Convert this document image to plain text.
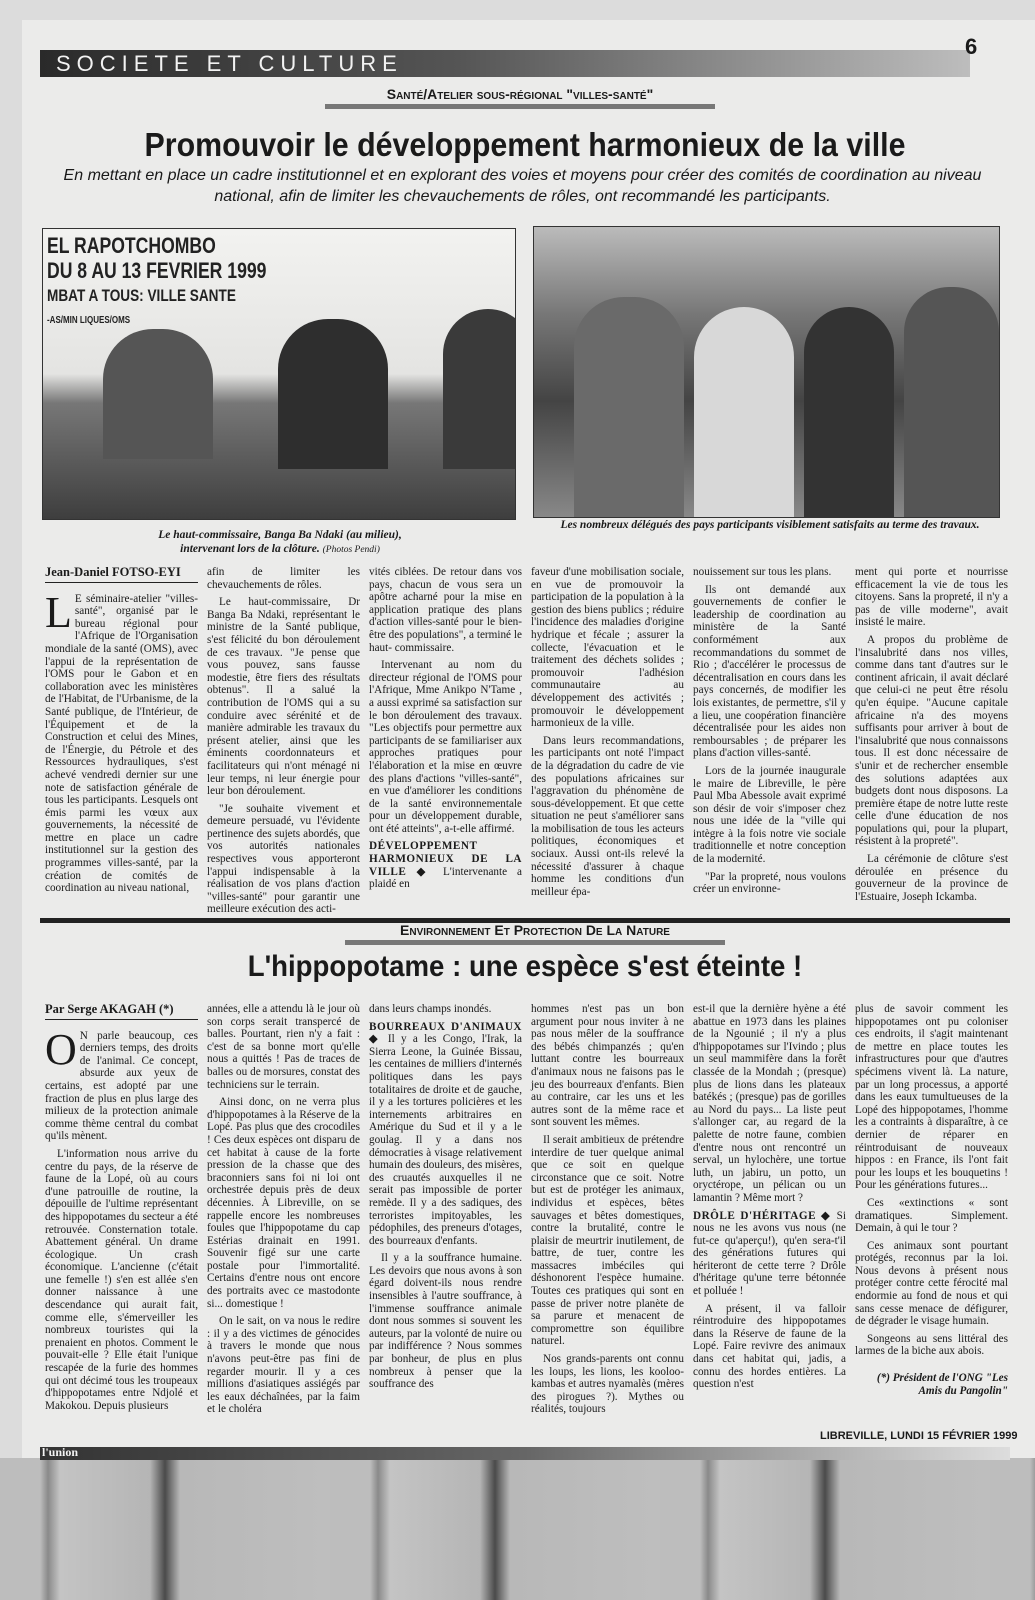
SOCIETE ET CULTURE
6
Santé/Atelier sous-régional "villes-santé"
Promouvoir le développement harmonieux de la ville
En mettant en place un cadre institutionnel et en explorant des voies et moyens pour créer des comités de coordination au niveau national, afin de limiter les chevauchements de rôles, ont recommandé les participants.
EL RAPOTCHOMBO
DU 8 AU 13 FEVRIER 1999
MBAT A TOUS: VILLE SANTE
-AS/MIN LIQUES/OMS
Le haut-commissaire, Banga Ba Ndaki (au milieu), intervenant lors de la clôture. (Photos Pendi)
Les nombreux délégués des pays participants visiblement satisfaits au terme des travaux.
Jean-Daniel FOTSO-EYI

L E séminaire-atelier "villes-santé", organisé par le bureau régional pour l'Afrique de l'Organisation mondiale de la santé (OMS), avec l'appui de la représentation de l'OMS pour le Gabon et en collaboration avec les ministères de l'Habitat, de l'Urbanisme, de la Santé publique, de l'Intérieur, de l'Équipement et de la Construction et celui des Mines, de l'Énergie, du Pétrole et des Ressources hydrauliques, s'est achevé vendredi dernier sur une note de satisfaction générale de tous les participants. Lesquels ont émis parmi les vœux aux gouvernements, la nécessité de mettre en place un cadre institutionnel sur la gestion des programmes villes-santé, par la création de comités de coordination au niveau national,

afin de limiter les chevauchements de rôles.

Le haut-commissaire, Dr Banga Ba Ndaki, représentant le ministre de la Santé publique, s'est félicité du bon déroulement de ces travaux. "Je pense que vous pouvez, sans fausse modestie, être fiers des résultats obtenus". Il a salué la contribution de l'OMS qui a su conduire avec sérénité et de manière admirable les travaux du présent atelier, ainsi que les éminents coordonnateurs et facilitateurs qui n'ont ménagé ni leur temps, ni leur énergie pour leur bon déroulement.

"Je souhaite vivement et demeure persuadé, vu l'évidente pertinence des sujets abordés, que vos autorités nationales respectives vous apporteront l'appui indispensable à la réalisation de vos plans d'action "villes-santé" pour garantir une meilleure exécution des acti-

vités ciblées. De retour dans vos pays, chacun de vous sera un apôtre acharné pour la mise en application pratique des plans d'action villes-santé pour le bien-être des populations", a terminé le haut- commissaire.

Intervenant au nom du directeur régional de l'OMS pour l'Afrique, Mme Anikpo N'Tame , a aussi exprimé sa satisfaction sur le bon déroulement des travaux. "Les objectifs pour permettre aux participants de se familiariser aux approches pratiques pour l'élaboration et la mise en œuvre des plans d'actions "villes-santé", en vue d'améliorer les conditions de la santé environnementale pour un développement durable, ont été atteints", a-t-elle affirmé.

DÉVELOPPEMENT HARMONIEUX DE LA VILLE ◆ L'intervenante a plaidé en

faveur d'une mobilisation sociale, en vue de promouvoir la participation de la population à la gestion des biens publics ; réduire l'incidence des maladies d'origine hydrique et fécale ; assurer la collecte, l'évacuation et le traitement des déchets solides ; promouvoir l'adhésion communautaire au développement des activités ; promouvoir le développement harmonieux de la ville.

Dans leurs recommandations, les participants ont noté l'impact de la dégradation du cadre de vie des populations africaines sur l'aggravation du phénomène de sous-développement. Et que cette situation ne peut s'améliorer sans la mobilisation de tous les acteurs politiques, économiques et sociaux. Aussi ont-ils relevé la nécessité d'assurer à chaque homme les conditions d'un meilleur épa-

nouissement sur tous les plans.

Ils ont demandé aux gouvernements de confier le leadership de coordination au ministère de la Santé conformément aux recommandations du sommet de Rio ; d'accélérer le processus de décentralisation en cours dans les pays concernés, de modifier les lois existantes, de permettre, s'il y a lieu, une coopération financière décentralisée pour les aides non remboursables ; de préparer les plans d'action villes-santé.

Lors de la journée inaugurale le maire de Libreville, le père Paul Mba Abessole avait exprimé son désir de voir s'imposer chez nous une idée de la "ville qui intègre à la fois notre vie sociale traditionnelle et notre conception de la modernité.

"Par la propreté, nous voulons créer un environne-

ment qui porte et nourrisse efficacement la vie de tous les citoyens. Sans la propreté, il n'y a pas de ville moderne", avait insisté le maire.

A propos du problème de l'insalubrité dans nos villes, comme dans tant d'autres sur le continent africain, il avait déclaré que celui-ci ne peut être résolu qu'en équipe. "Aucune capitale africaine n'a des moyens suffisants pour arriver à bout de l'insalubrité que nous connaissons tous. Il est donc nécessaire de s'unir et de rechercher ensemble des solutions adaptées aux budgets dont nous disposons. La première étape de notre lutte reste celle d'une éducation de nos populations qui, pour la plupart, résistent à la propreté".

La cérémonie de clôture s'est déroulée en présence du gouverneur de la province de l'Estuaire, Joseph Ickamba.

Environnement Et Protection De La Nature
L'hippopotame : une espèce s'est éteinte !
Par Serge AKAGAH (*)

O N parle beaucoup, ces derniers temps, des droits de l'animal. Ce concept, absurde aux yeux de certains, est adopté par une fraction de plus en plus large des milieux de la protection animale comme thème central du combat qu'ils mènent.

L'information nous arrive du centre du pays, de la réserve de faune de la Lopé, où au cours d'une patrouille de routine, la dépouille de l'ultime représentant des hippopotames du secteur a été retrouvée. Consternation totale. Abattement général. Un drame écologique. Un crash économique. L'ancienne (c'était une femelle !) s'en est allée s'en donner naissance à une descendance qui aurait fait, comme elle, s'émerveiller les nombreux touristes qui la prenaient en photos. Comment le pouvait-elle ? Elle était l'unique rescapée de la furie des hommes qui ont décimé tous les troupeaux d'hippopotames entre Ndjolé et Makokou. Depuis plusieurs

années, elle a attendu là le jour où son corps serait transpercé de balles. Pourtant, rien n'y a fait : c'est de sa bonne mort qu'elle nous a quittés ! Pas de traces de balles ou de morsures, constat des techniciens sur le terrain.

Ainsi donc, on ne verra plus d'hippopotames à la Réserve de la Lopé. Pas plus que des crocodiles ! Ces deux espèces ont disparu de cet habitat à cause de la forte pression de la chasse que des braconniers sans foi ni loi ont orchestrée depuis près de deux décennies. À Libreville, on se rappelle encore les nombreuses foules que l'hippopotame du cap Estérias drainait en 1991. Souvenir figé sur une carte postale pour l'immortalité. Certains d'entre nous ont encore des portraits avec ce mastodonte si... domestique !

On le sait, on va nous le redire : il y a des victimes de génocides à travers le monde que nous n'avons peut-être pas fini de regarder mourir. Il y a ces millions d'asiatiques assiégés par les eaux déchaînées, par la faim et le choléra

dans leurs champs inondés.

BOURREAUX D'ANIMAUX ◆ Il y a les Congo, l'Irak, la Sierra Leone, la Guinée Bissau, les centaines de milliers d'internés politiques dans les pays totalitaires de droite et de gauche, il y a les tortures policières et les internements arbitraires en Amérique du Sud et il y a le goulag. Il y a dans nos démocraties à visage relativement humain des douleurs, des misères, des cruautés auxquelles il ne serait pas impossible de porter remède. Il y a des sadiques, des terroristes impitoyables, les pédophiles, des preneurs d'otages, des bourreaux d'enfants.

Il y a la souffrance humaine. Les devoirs que nous avons à son égard doivent-ils nous rendre insensibles à l'autre souffrance, à l'immense souffrance animale dont nous sommes si souvent les auteurs, par la volonté de nuire ou par indifférence ? Nous sommes par bonheur, de plus en plus nombreux à penser que la souffrance des

hommes n'est pas un bon argument pour nous inviter à ne pas nous mêler de la souffrance des bébés chimpanzés ; qu'en luttant contre les bourreaux d'animaux nous ne faisons pas le jeu des bourreaux d'enfants. Bien au contraire, car les uns et les autres sont de la même race et sont souvent les mêmes.

Il serait ambitieux de prétendre interdire de tuer quelque animal que ce soit en quelque circonstance que ce soit. Notre but est de protéger les animaux, individus et espèces, bêtes sauvages et bêtes domestiques, contre la brutalité, contre le plaisir de meurtrir inutilement, de battre, de tuer, contre les massacres imbéciles qui déshonorent l'espèce humaine. Toutes ces pratiques qui sont en passe de priver notre planète de sa parure et menacent de compromettre son équilibre naturel.

Nos grands-parents ont connu les loups, les lions, les kooloo-kambas et autres nyamalès (mères des pirogues ?). Mythes ou réalités, toujours

est-il que la dernière hyène a été abattue en 1973 dans les plaines de la Ngounié ; il n'y a plus d'hippopotames sur l'Ivindo ; plus un seul mammifère dans la forêt classée de la Mondah ; (presque) plus de lions dans les plateaux batékés ; (presque) pas de gorilles au Nord du pays... La liste peut s'allonger car, au regard de la palette de notre faune, combien d'entre nous ont rencontré un serval, un hylochère, une tortue luth, un jabiru, un potto, un oryctérope, un pélican ou un lamantin ? Même mort ?

DRÔLE D'HÉRITAGE ◆ Si nous ne les avons vus nous (ne fut-ce qu'aperçu!), qu'en sera-t'il des générations futures qui hériteront de cette terre ? Drôle d'héritage qu'une terre bétonnée et polluée !

A présent, il va falloir réintroduire des hippopotames dans la Réserve de faune de la Lopé. Faire revivre des animaux dans cet habitat qui, jadis, a connu des hordes entières. La question n'est

plus de savoir comment les hippopotames ont pu coloniser ces endroits, il s'agit maintenant de mettre en place toutes les infrastructures pour que d'autres spécimens vivent là. La nature, par un long processus, a apporté dans les eaux tumultueuses de la Lopé des hippopotames, l'homme les a contraints à disparaître, à ce dernier de réparer en réintroduisant de nouveaux hippos : en France, ils l'ont fait pour les loups et les bouquetins ! Pour les générations futures...

Ces «extinctions « sont dramatiques. Simplement. Demain, à qui le tour ?

Ces animaux sont pourtant protégés, reconnus par la loi. Nous devons à présent nous protéger contre cette férocité mal endormie au fond de nous et qui sans cesse menace de défigurer, de dégrader le visage humain.

Songeons au sens littéral des larmes de la biche aux abois.

(*) Président de l'ONG "Les Amis du Pangolin"

LIBREVILLE, LUNDI 15 FÉVRIER 1999
l'union
